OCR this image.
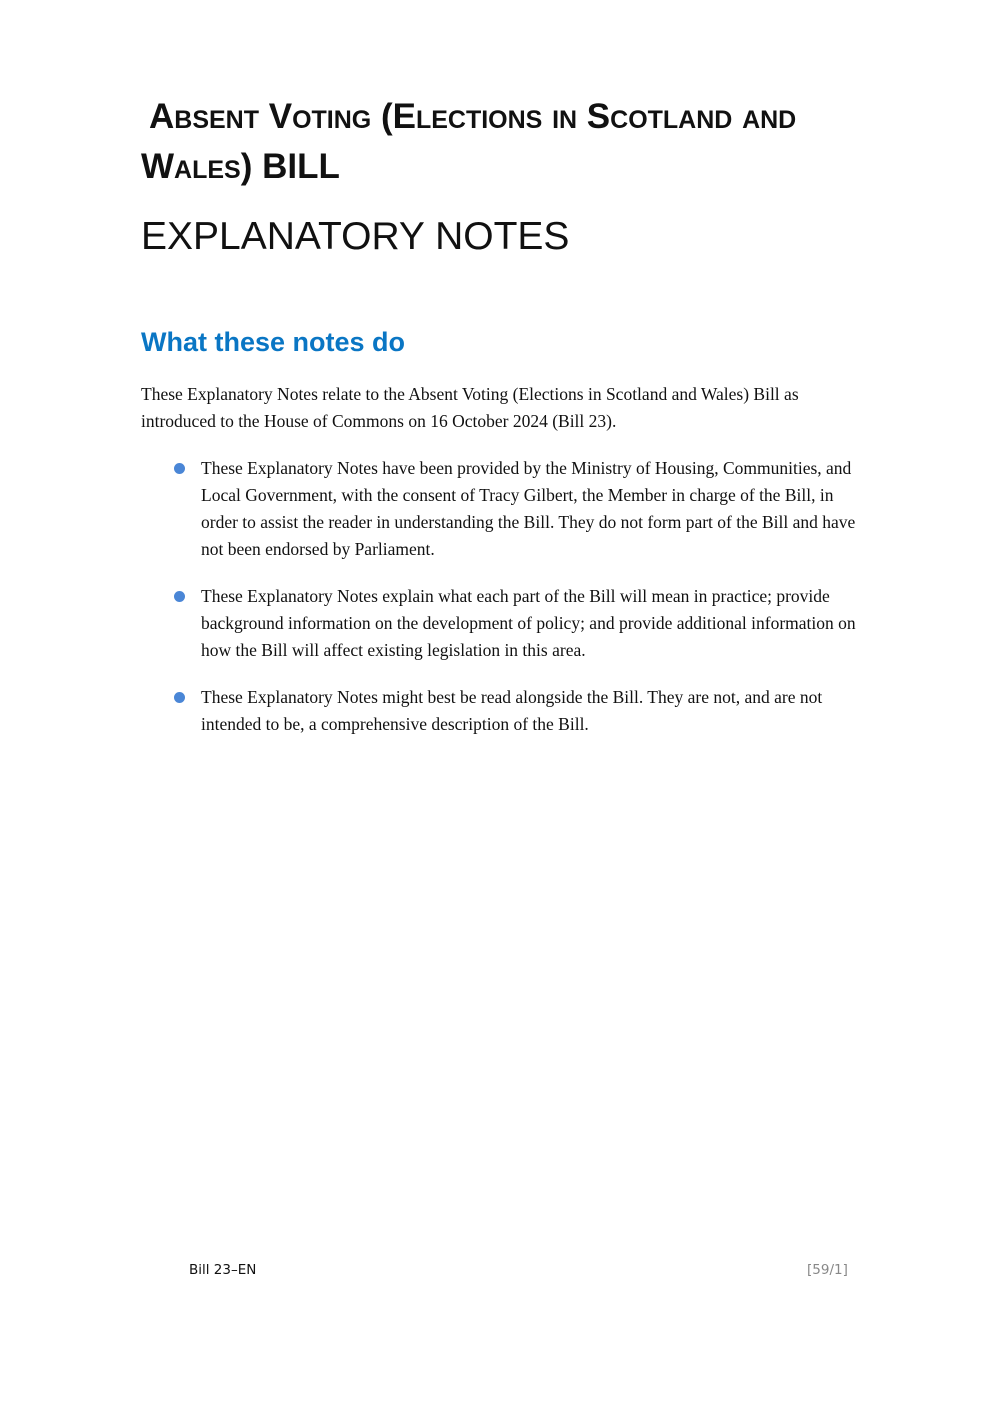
Absent Voting (Elections in Scotland and
Wales) BILL
EXPLANATORY NOTES
What these notes do
These Explanatory Notes relate to the Absent Voting (Elections in Scotland and Wales) Bill as
introduced to the House of Commons on 16 October 2024 (Bill 23).
These Explanatory Notes have been provided by the Ministry of Housing, Communities, and
Local Government, with the consent of Tracy Gilbert, the Member in charge of the Bill, in
order to assist the reader in understanding the Bill. They do not form part of the Bill and have
not been endorsed by Parliament.
These Explanatory Notes explain what each part of the Bill will mean in practice; provide
background information on the development of policy; and provide additional information on
how the Bill will affect existing legislation in this area.
These Explanatory Notes might best be read alongside the Bill. They are not, and are not
intended to be, a comprehensive description of the Bill.
Bill 23–EN	[59/1]
